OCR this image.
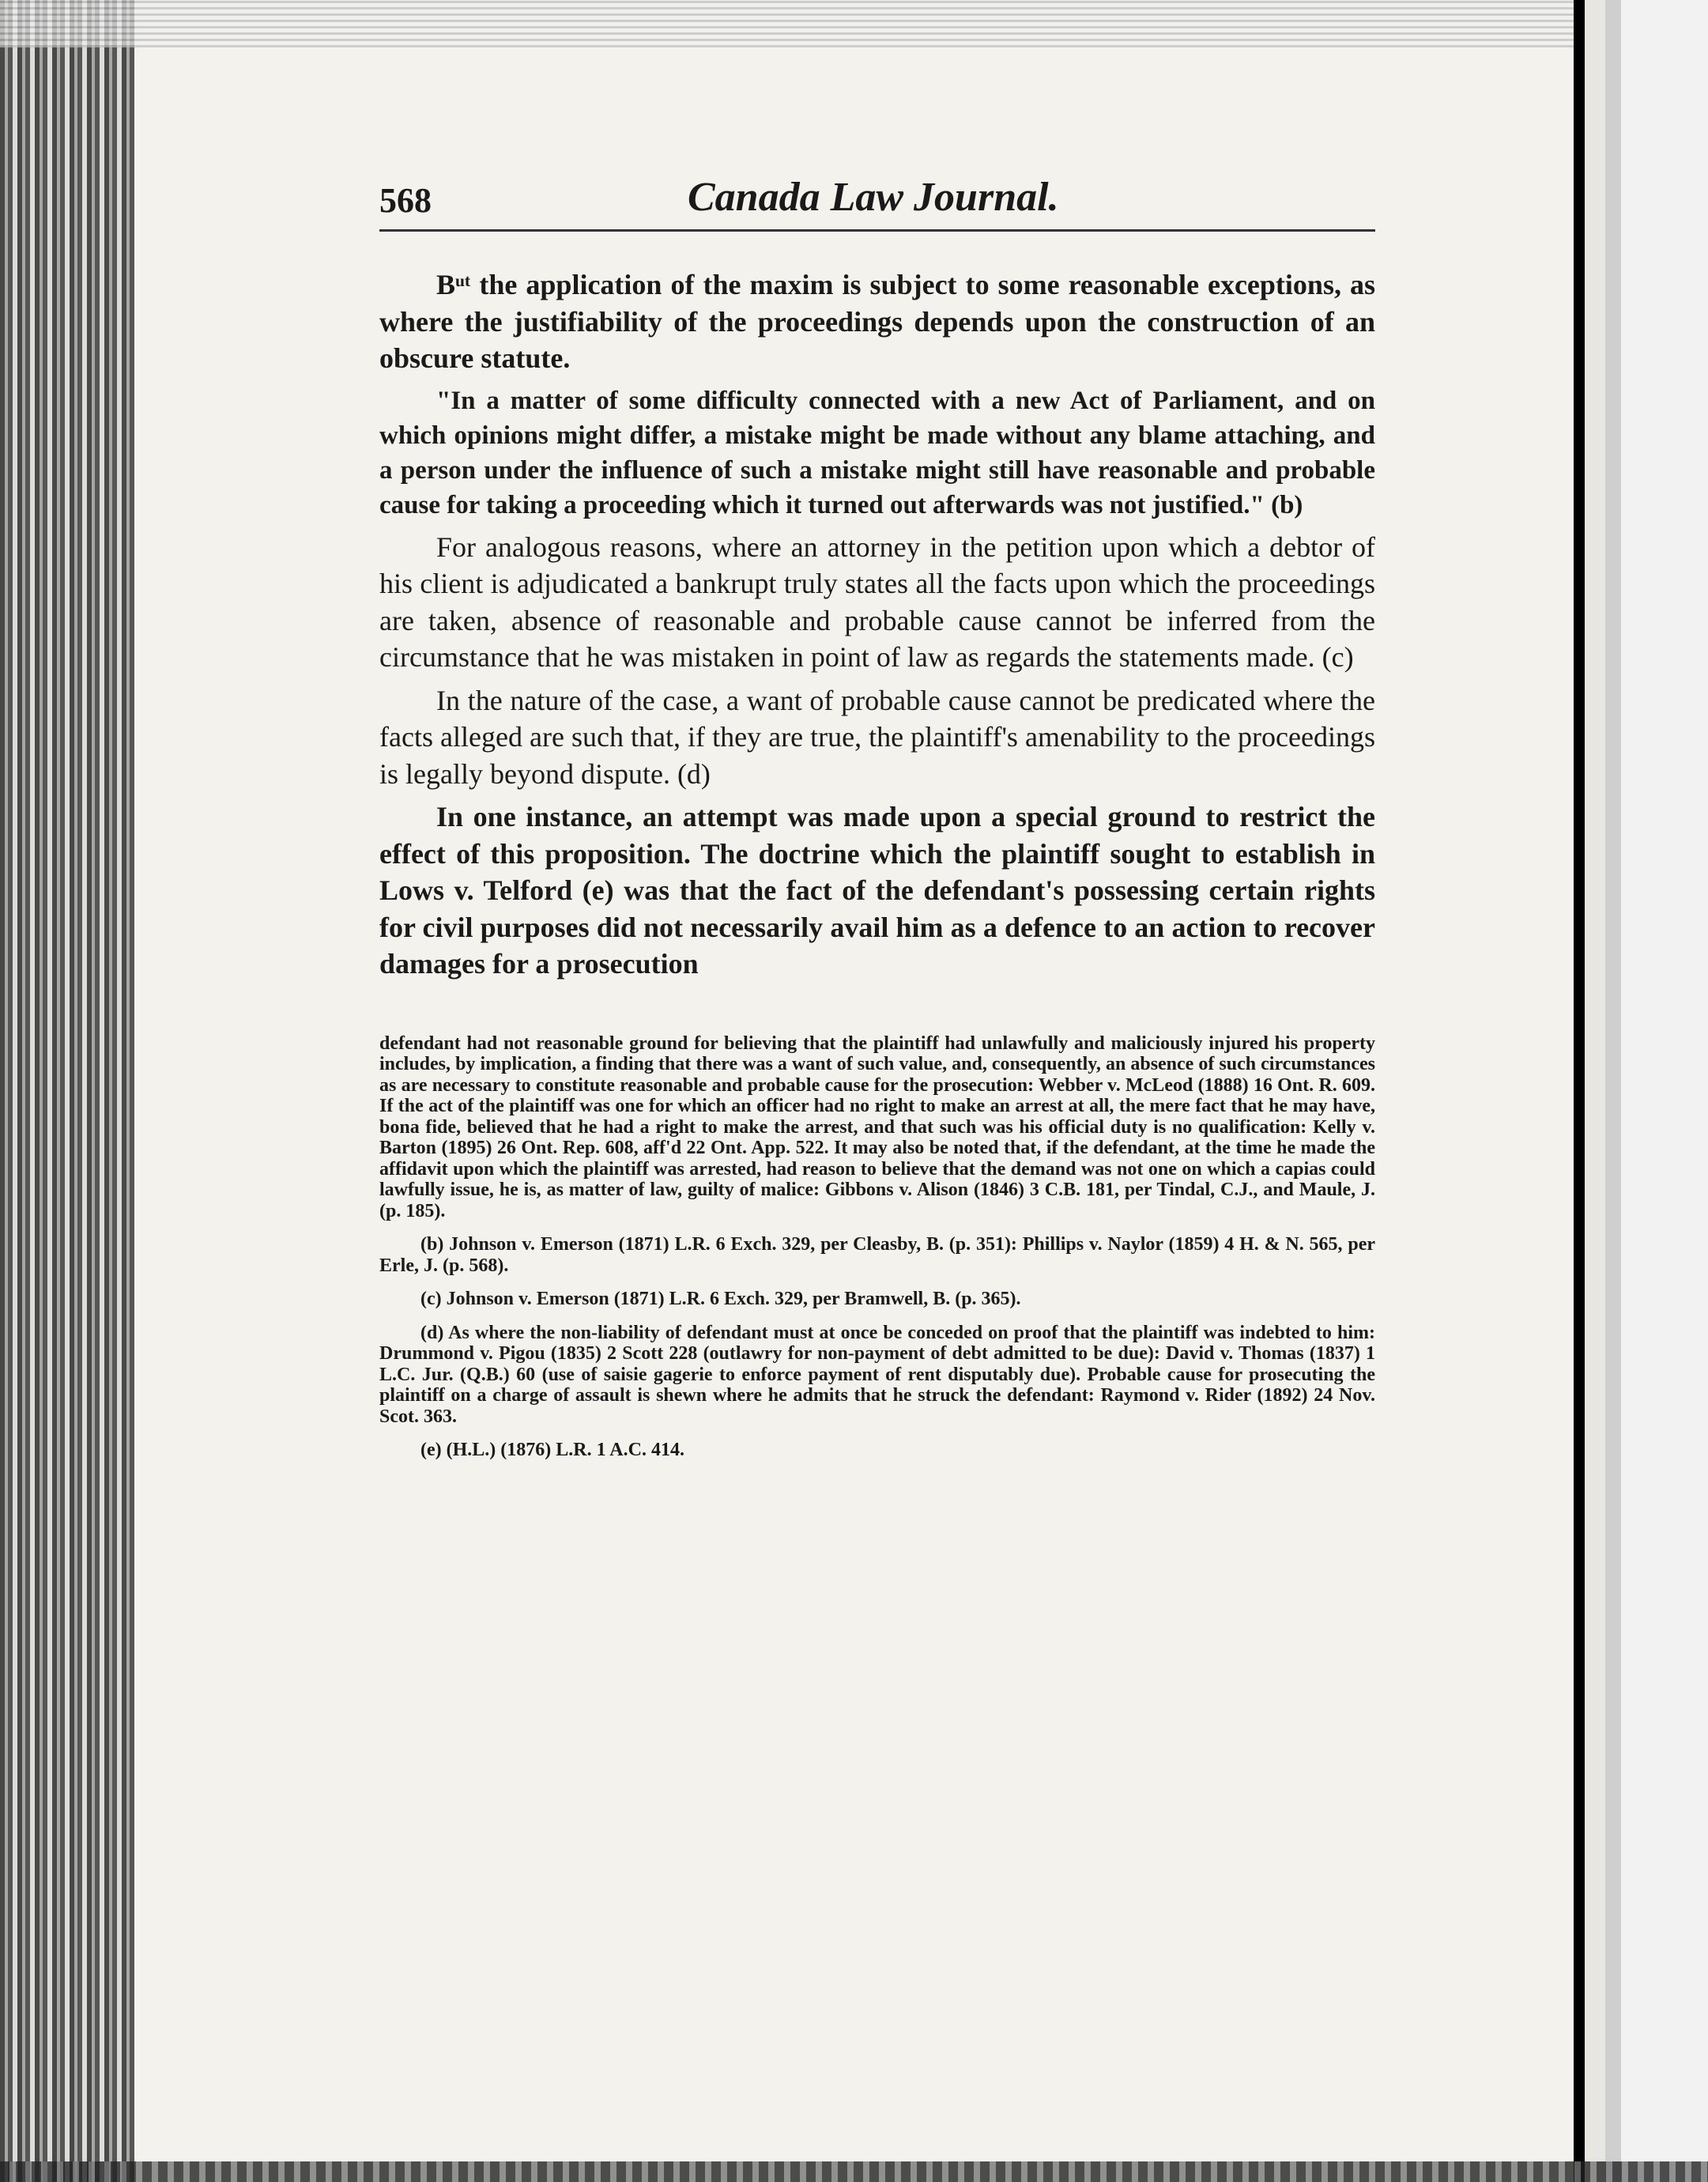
568	Canada Law Journal.

B⁠ᵘᵗ the application of the maxim is subject to some reasonable exceptions, as where the justifiability of the proceedings depends upon the construction of an obscure statute.

"In a matter of some difficulty connected with a new Act of Parliament, and on which opinions might differ, a mistake might be made without any blame attaching, and a person under the influence of such a mistake might still have reasonable and probable cause for taking a proceeding which it turned out afterwards was not justified." (b)

For analogous reasons, where an attorney in the petition upon which a debtor of his client is adjudicated a bankrupt truly states all the facts upon which the proceedings are taken, absence of reasonable and probable cause cannot be inferred from the circumstance that he was mistaken in point of law as regards the statements made. (c)

In the nature of the case, a want of probable cause cannot be predicated where the facts alleged are such that, if they are true, the plaintiff's amenability to the proceedings is legally beyond dispute. (d)

In one instance, an attempt was made upon a special ground to restrict the effect of this proposition. The doctrine which the plaintiff sought to establish in Lows v. Telford (e) was that the fact of the defendant's possessing certain rights for civil purposes did not necessarily avail him as a defence to an action to recover damages for a prosecution

defendant had not reasonable ground for believing that the plaintiff had unlawfully and maliciously injured his property includes, by implication, a finding that there was a want of such value, and, consequently, an absence of such circumstances as are necessary to constitute reasonable and probable cause for the prosecution: Webber v. McLeod (1888) 16 Ont. R. 609. If the act of the plaintiff was one for which an officer had no right to make an arrest at all, the mere fact that he may have, bona fide, believed that he had a right to make the arrest, and that such was his official duty is no qualification: Kelly v. Barton (1895) 26 Ont. Rep. 608, aff'd 22 Ont. App. 522. It may also be noted that, if the defendant, at the time he made the affidavit upon which the plaintiff was arrested, had reason to believe that the demand was not one on which a capias could lawfully issue, he is, as matter of law, guilty of malice: Gibbons v. Alison (1846) 3 C.B. 181, per Tindal, C.J., and Maule, J. (p. 185).

(b) Johnson v. Emerson (1871) L.R. 6 Exch. 329, per Cleasby, B. (p. 351): Phillips v. Naylor (1859) 4 H. & N. 565, per Erle, J. (p. 568).

(c) Johnson v. Emerson (1871) L.R. 6 Exch. 329, per Bramwell, B. (p. 365).

(d) As where the non-liability of defendant must at once be conceded on proof that the plaintiff was indebted to him: Drummond v. Pigou (1835) 2 Scott 228 (outlawry for non-payment of debt admitted to be due): David v. Thomas (1837) 1 L.C. Jur. (Q.B.) 60 (use of saisie gagerie to enforce payment of rent disputably due). Probable cause for prosecuting the plaintiff on a charge of assault is shewn where he admits that he struck the defendant: Raymond v. Rider (1892) 24 Nov. Scot. 363.

(e) (H.L.) (1876) L.R. 1 A.C. 414.
